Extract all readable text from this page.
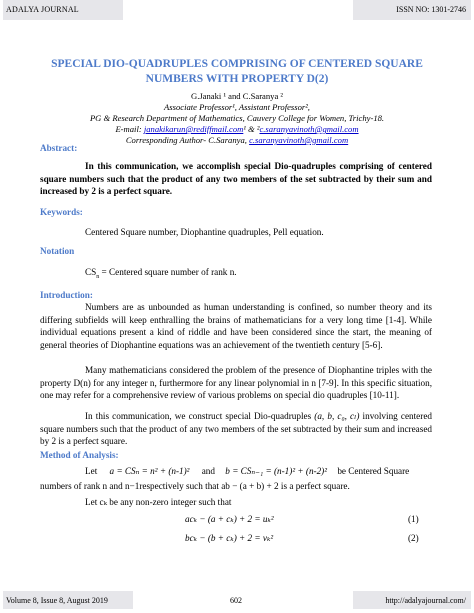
ADALYA JOURNAL	ISSN NO: 1301-2746
SPECIAL DIO-QUADRUPLES COMPRISING OF CENTERED SQUARE
NUMBERS WITH PROPERTY D(2)
G.Janaki ¹ and C.Saranya ²
Associate Professor¹, Assistant Professor²,
PG & Research Department of Mathematics, Cauvery College for Women, Trichy-18.
E-mail: janakikarun@rediffmail.com¹ & ²c.saranyavinoth@gmail.com
Corresponding Author- C.Saranya, c.saranyavinoth@gmail.com
Abstract:
In this communication, we accomplish special Dio-quadruples comprising of centered square numbers such that the product of any two members of the set subtracted by their sum and increased by 2 is a perfect square.
Keywords:
Centered Square number, Diophantine quadruples, Pell equation.
Notation
$CS_n$ = Centered square number of rank n.
Introduction:
Numbers are as unbounded as human understanding is confined, so number theory and its differing subfields will keep enthralling the brains of mathematicians for a very long time [1-4]. While individual equations present a kind of riddle and have been considered since the start, the meaning of general theories of Diophantine equations was an achievement of the twentieth century [5-6].
Many mathematicians considered the problem of the presence of Diophantine triples with the property D(n) for any integer n, furthermore for any linear polynomial in n [7-9]. In this specific situation, one may refer for a comprehensive review of various problems on special dio quadruples [10-11].
In this communication, we construct special Dio-quadruples (a, b, c₀, cₗ) involving centered square numbers such that the product of any two members of the set subtracted by their sum and increased by 2 is a perfect square.
Method of Analysis:
Let a = CSₙ = n² + (n-1)² and b = CSₙ₋₁ = (n-1)² + (n-2)² be Centered Square
numbers of rank n and n−1respectively such that ab − (a + b) + 2 is a perfect square.
Let cₖ be any non-zero integer such that
acₖ − (a + cₖ) + 2 = uₖ²	(1)
bcₖ − (b + cₖ) + 2 = vₖ²	(2)
Volume 8, Issue 8, August 2019	602	http://adalyajournal.com/
